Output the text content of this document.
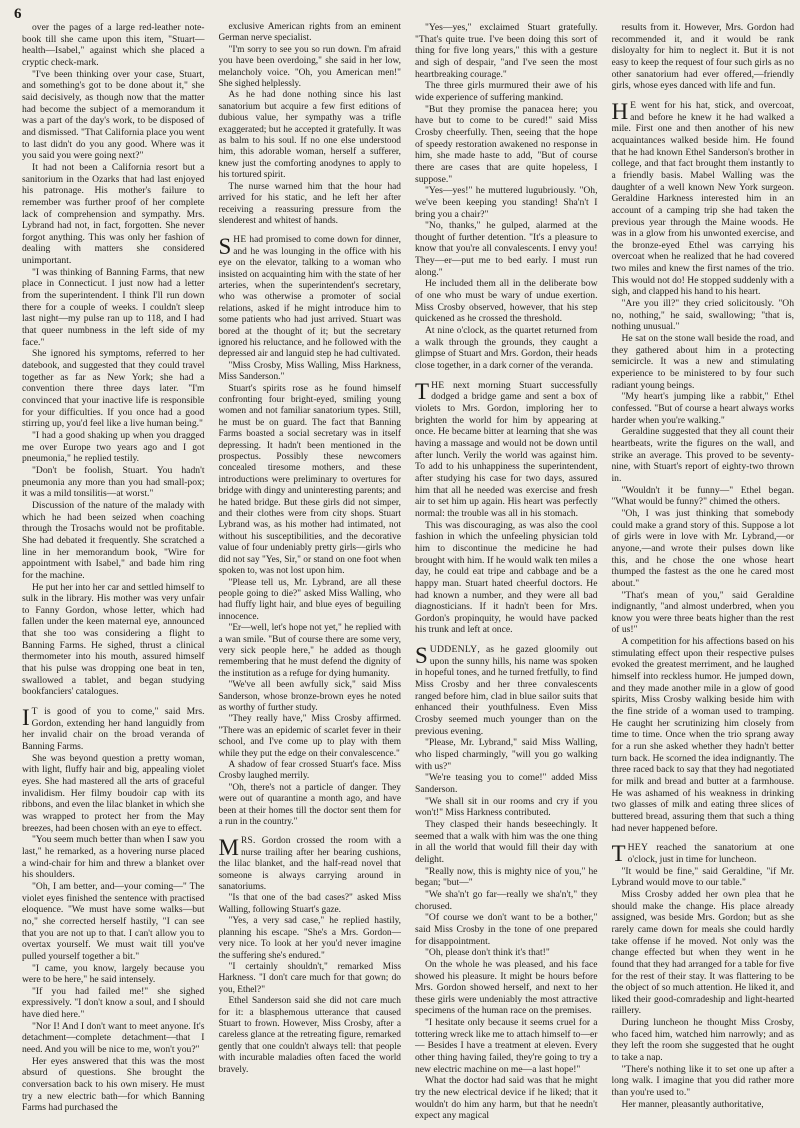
6

over the pages of a large red-leather note-book till she came upon this item, "Stuart—health—Isabel," against which she placed a cryptic check-mark.

"I've been thinking over your case, Stuart, and something's got to be done about it," she said decisively, as though now that the matter had become the subject of a memorandum it was a part of the day's work, to be disposed of and dismissed. "That California place you went to last didn't do you any good. Where was it you said you were going next?"

It had not been a California resort but a sanitorium in the Ozarks that had last enjoyed his patronage. His mother's failure to remember was further proof of her complete lack of comprehension and sympathy. Mrs. Lybrand had not, in fact, forgotten. She never forgot anything. This was only her fashion of dealing with matters she considered unimportant.

"I was thinking of Banning Farms, that new place in Connecticut. I just now had a letter from the superintendent. I think I'll run down there for a couple of weeks. I couldn't sleep last night—my pulse ran up to 118, and I had that queer numbness in the left side of my face."

She ignored his symptoms, referred to her datebook, and suggested that they could travel together as far as New York; she had a convention there three days later. "I'm convinced that your inactive life is responsible for your difficulties. If you once had a good stirring up, you'd feel like a live human being."

"I had a good shaking up when you dragged me over Europe two years ago and I got pneumonia," he replied testily.

"Don't be foolish, Stuart. You hadn't pneumonia any more than you had small-pox; it was a mild tonsilitis—at worst."

Discussion of the nature of the malady with which he had been seized when coaching through the Trosachs would not be profitable. She had debated it frequently. She scratched a line in her memorandum book, "Wire for appointment with Isabel," and bade him ring for the machine.

He put her into her car and settled himself to sulk in the library. His mother was very unfair to Fanny Gordon, whose letter, which had fallen under the keen maternal eye, announced that she too was considering a flight to Banning Farms. He sighed, thrust a clinical thermometer into his mouth, assured himself that his pulse was dropping one beat in ten, swallowed a tablet, and began studying bookfanciers' catalogues.

IT is good of you to come," said Mrs. Gordon, extending her hand languidly from her invalid chair on the broad veranda of Banning Farms.

She was beyond question a pretty woman, with light, fluffy hair and big, appealing violet eyes. She had mastered all the arts of graceful invalidism. Her filmy boudoir cap with its ribbons, and even the lilac blanket in which she was wrapped to protect her from the May breezes, had been chosen with an eye to effect.

"You seem much better than when I saw you last," he remarked, as a hovering nurse placed a wind-chair for him and threw a blanket over his shoulders.

"Oh, I am better, and—your coming—" The violet eyes finished the sentence with practised eloquence. "We must have some walks—but no," she corrected herself hastily, "I can see that you are not up to that. I can't allow you to overtax yourself. We must wait till you've pulled yourself together a bit."

"I came, you know, largely because you were to be here," he said intensely.

"If you had failed me!" she sighed expressively. "I don't know a soul, and I should have died here."

"Nor I! And I don't want to meet anyone. It's detachment—complete detachment—that I need. And you will be nice to me, won't you?"

Her eyes answered that this was the most absurd of questions. She brought the conversation back to his own misery. He must try a new electric bath—for which Banning Farms had purchased the

exclusive American rights from an eminent German nerve specialist.

"I'm sorry to see you so run down. I'm afraid you have been overdoing," she said in her low, melancholy voice. "Oh, you American men!" She sighed helplessly.

As he had done nothing since his last sanatorium but acquire a few first editions of dubious value, her sympathy was a trifle exaggerated; but he accepted it gratefully. It was as balm to his soul. If no one else understood him, this adorable woman, herself a sufferer, knew just the comforting anodynes to apply to his tortured spirit.

The nurse warned him that the hour had arrived for his static, and he left her after receiving a reassuring pressure from the slenderest and whitest of hands.

SHE had promised to come down for dinner, and he was lounging in the office with his eye on the elevator, talking to a woman who insisted on acquainting him with the state of her arteries, when the superintendent's secretary, who was otherwise a promoter of social relations, asked if he might introduce him to some patients who had just arrived. Stuart was bored at the thought of it; but the secretary ignored his reluctance, and he followed with the depressed air and languid step he had cultivated.

"Miss Crosby, Miss Walling, Miss Harkness, Miss Sanderson."

Stuart's spirits rose as he found himself confronting four bright-eyed, smiling young women and not familiar sanatorium types. Still, he must be on guard. The fact that Banning Farms boasted a social secretary was in itself depressing. It hadn't been mentioned in the prospectus. Possibly these newcomers concealed tiresome mothers, and these introductions were preliminary to overtures for bridge with dingy and uninteresting parents; and he hated bridge. But these girls did not simper, and their clothes were from city shops. Stuart Lybrand was, as his mother had intimated, not without his susceptibilities, and the decorative value of four undeniably pretty girls—girls who did not say "Yes, Sir," or stand on one foot when spoken to, was not lost upon him.

"Please tell us, Mr. Lybrand, are all these people going to die?" asked Miss Walling, who had fluffy light hair, and blue eyes of beguiling innocence.

"Er—well, let's hope not yet," he replied with a wan smile. "But of course there are some very, very sick people here," he added as though remembering that he must defend the dignity of the institution as a refuge for dying humanity.

"We've all been awfully sick," said Miss Sanderson, whose bronze-brown eyes he noted as worthy of further study.

"They really have," Miss Crosby affirmed. "There was an epidemic of scarlet fever in their school, and I've come up to play with them while they put the edge on their convalescence."

A shadow of fear crossed Stuart's face. Miss Crosby laughed merrily.

"Oh, there's not a particle of danger. They were out of quarantine a month ago, and have been at their homes till the doctor sent them for a run in the country."

MRS. Gordon crossed the room with a nurse trailing after her bearing cushions, the lilac blanket, and the half-read novel that someone is always carrying around in sanatoriums.

"Is that one of the bad cases?" asked Miss Walling, following Stuart's gaze.

"Yes, a very sad case," he replied hastily, planning his escape. "She's a Mrs. Gordon—very nice. To look at her you'd never imagine the suffering she's endured."

"I certainly shouldn't," remarked Miss Harkness. "I don't care much for that gown; do you, Ethel?"

Ethel Sanderson said she did not care much for it: a blasphemous utterance that caused Stuart to frown. However, Miss Crosby, after a careless glance at the retreating figure, remarked gently that one couldn't always tell: that people with incurable maladies often faced the world bravely.

"Yes—yes," exclaimed Stuart gratefully. "That's quite true. I've been doing this sort of thing for five long years," this with a gesture and sigh of despair, "and I've seen the most heartbreaking courage."

The three girls murmured their awe of his wide experience of suffering mankind.

"But they promise the panacea here; you have but to come to be cured!" said Miss Crosby cheerfully. Then, seeing that the hope of speedy restoration awakened no response in him, she made haste to add, "But of course there are cases that are quite hopeless, I suppose."

"Yes—yes!" he muttered lugubriously. "Oh, we've been keeping you standing! Sha'n't I bring you a chair?"

"No, thanks," he gulped, alarmed at the thought of further detention. "It's a pleasure to know that you're all convalescents. I envy you! They—er—put me to bed early. I must run along."

He included them all in the deliberate bow of one who must be wary of undue exertion. Miss Crosby observed, however, that his step quickened as he crossed the threshold.

At nine o'clock, as the quartet returned from a walk through the grounds, they caught a glimpse of Stuart and Mrs. Gordon, their heads close together, in a dark corner of the veranda.

THE next morning Stuart successfully dodged a bridge game and sent a box of violets to Mrs. Gordon, imploring her to brighten the world for him by appearing at once. He became bitter at learning that she was having a massage and would not be down until after lunch. Verily the world was against him. To add to his unhappiness the superintendent, after studying his case for two days, assured him that all he needed was exercise and fresh air to set him up again. His heart was perfectly normal: the trouble was all in his stomach.

This was discouraging, as was also the cool fashion in which the unfeeling physician told him to discontinue the medicine he had brought with him. If he would walk ten miles a day, he could eat tripe and cabbage and be a happy man. Stuart hated cheerful doctors. He had known a number, and they were all bad diagnosticians. If it hadn't been for Mrs. Gordon's propinquity, he would have packed his trunk and left at once.

SUDDENLY, as he gazed gloomily out upon the sunny hills, his name was spoken in hopeful tones, and he turned fretfully, to find Miss Crosby and her three convalescents ranged before him, clad in blue sailor suits that enhanced their youthfulness. Even Miss Crosby seemed much younger than on the previous evening.

"Please, Mr. Lybrand," said Miss Walling, who lisped charmingly, "will you go walking with us?"

"We're teasing you to come!" added Miss Sanderson.

"We shall sit in our rooms and cry if you won't!" Miss Harkness contributed.

They clasped their hands beseechingly. It seemed that a walk with him was the one thing in all the world that would fill their day with delight.

"Really now, this is mighty nice of you," he began; "but—"

"We sha'n't go far—really we sha'n't," they chorused.

"Of course we don't want to be a bother," said Miss Crosby in the tone of one prepared for disappointment.

"Oh, please don't think it's that!"

On the whole he was pleased, and his face showed his pleasure. It might be hours before Mrs. Gordon showed herself, and next to her these girls were undeniably the most attractive specimens of the human race on the premises.

"I hesitate only because it seems cruel for a tottering wreck like me to attach himself to—er— Besides I have a treatment at eleven. Every other thing having failed, they're going to try a new electric machine on me—a last hope!"

What the doctor had said was that he might try the new electrical device if he liked; that it wouldn't do him any harm, but that he needn't expect any magical

results from it. However, Mrs. Gordon had recommended it, and it would be rank disloyalty for him to neglect it. But it is not easy to keep the request of four such girls as no other sanatorium had ever offered,—friendly girls, whose eyes danced with life and fun.

HE went for his hat, stick, and overcoat, and before he knew it he had walked a mile. First one and then another of his new acquaintances walked beside him. He found that he had known Ethel Sanderson's brother in college, and that fact brought them instantly to a friendly basis. Mabel Walling was the daughter of a well known New York surgeon. Geraldine Harkness interested him in an account of a camping trip she had taken the previous year through the Maine woods. He was in a glow from his unwonted exercise, and the bronze-eyed Ethel was carrying his overcoat when he realized that he had covered two miles and knew the first names of the trio. This would not do! He stopped suddenly with a sigh, and clapped his hand to his heart.

"Are you ill?" they cried solicitously. "Oh no, nothing," he said, swallowing; "that is, nothing unusual."

He sat on the stone wall beside the road, and they gathered about him in a protecting semicircle. It was a new and stimulating experience to be ministered to by four such radiant young beings.

"My heart's jumping like a rabbit," Ethel confessed. "But of course a heart always works harder when you're walking."

Geraldine suggested that they all count their heartbeats, write the figures on the wall, and strike an average. This proved to be seventy-nine, with Stuart's report of eighty-two thrown in.

"Wouldn't it be funny—" Ethel began. "What would be funny?" chimed the others.

"Oh, I was just thinking that somebody could make a grand story of this. Suppose a lot of girls were in love with Mr. Lybrand,—or anyone,—and wrote their pulses down like this, and he chose the one whose heart thumped the fastest as the one he cared most about."

"That's mean of you," said Geraldine indignantly, "and almost underbred, when you know you were three beats higher than the rest of us!"

A competition for his affections based on his stimulating effect upon their respective pulses evoked the greatest merriment, and he laughed himself into reckless humor. He jumped down, and they made another mile in a glow of good spirits, Miss Crosby walking beside him with the fine stride of a woman used to tramping. He caught her scrutinizing him closely from time to time. Once when the trio sprang away for a run she asked whether they hadn't better turn back. He scorned the idea indignantly. The three raced back to say that they had negotiated for milk and bread and butter at a farmhouse. He was ashamed of his weakness in drinking two glasses of milk and eating three slices of buttered bread, assuring them that such a thing had never happened before.

THEY reached the sanatorium at one o'clock, just in time for luncheon.

"It would be fine," said Geraldine, "if Mr. Lybrand would move to our table."

Miss Crosby added her own plea that he should make the change. His place already assigned, was beside Mrs. Gordon; but as she rarely came down for meals she could hardly take offense if he moved. Not only was the change effected but when they went in he found that they had arranged for a table for five for the rest of their stay. It was flattering to be the object of so much attention. He liked it, and liked their good-comradeship and light-hearted raillery.

During luncheon he thought Miss Crosby, who faced him, watched him narrowly; and as they left the room she suggested that he ought to take a nap.

"There's nothing like it to set one up after a long walk. I imagine that you did rather more than you're used to."

Her manner, pleasantly authoritative,
